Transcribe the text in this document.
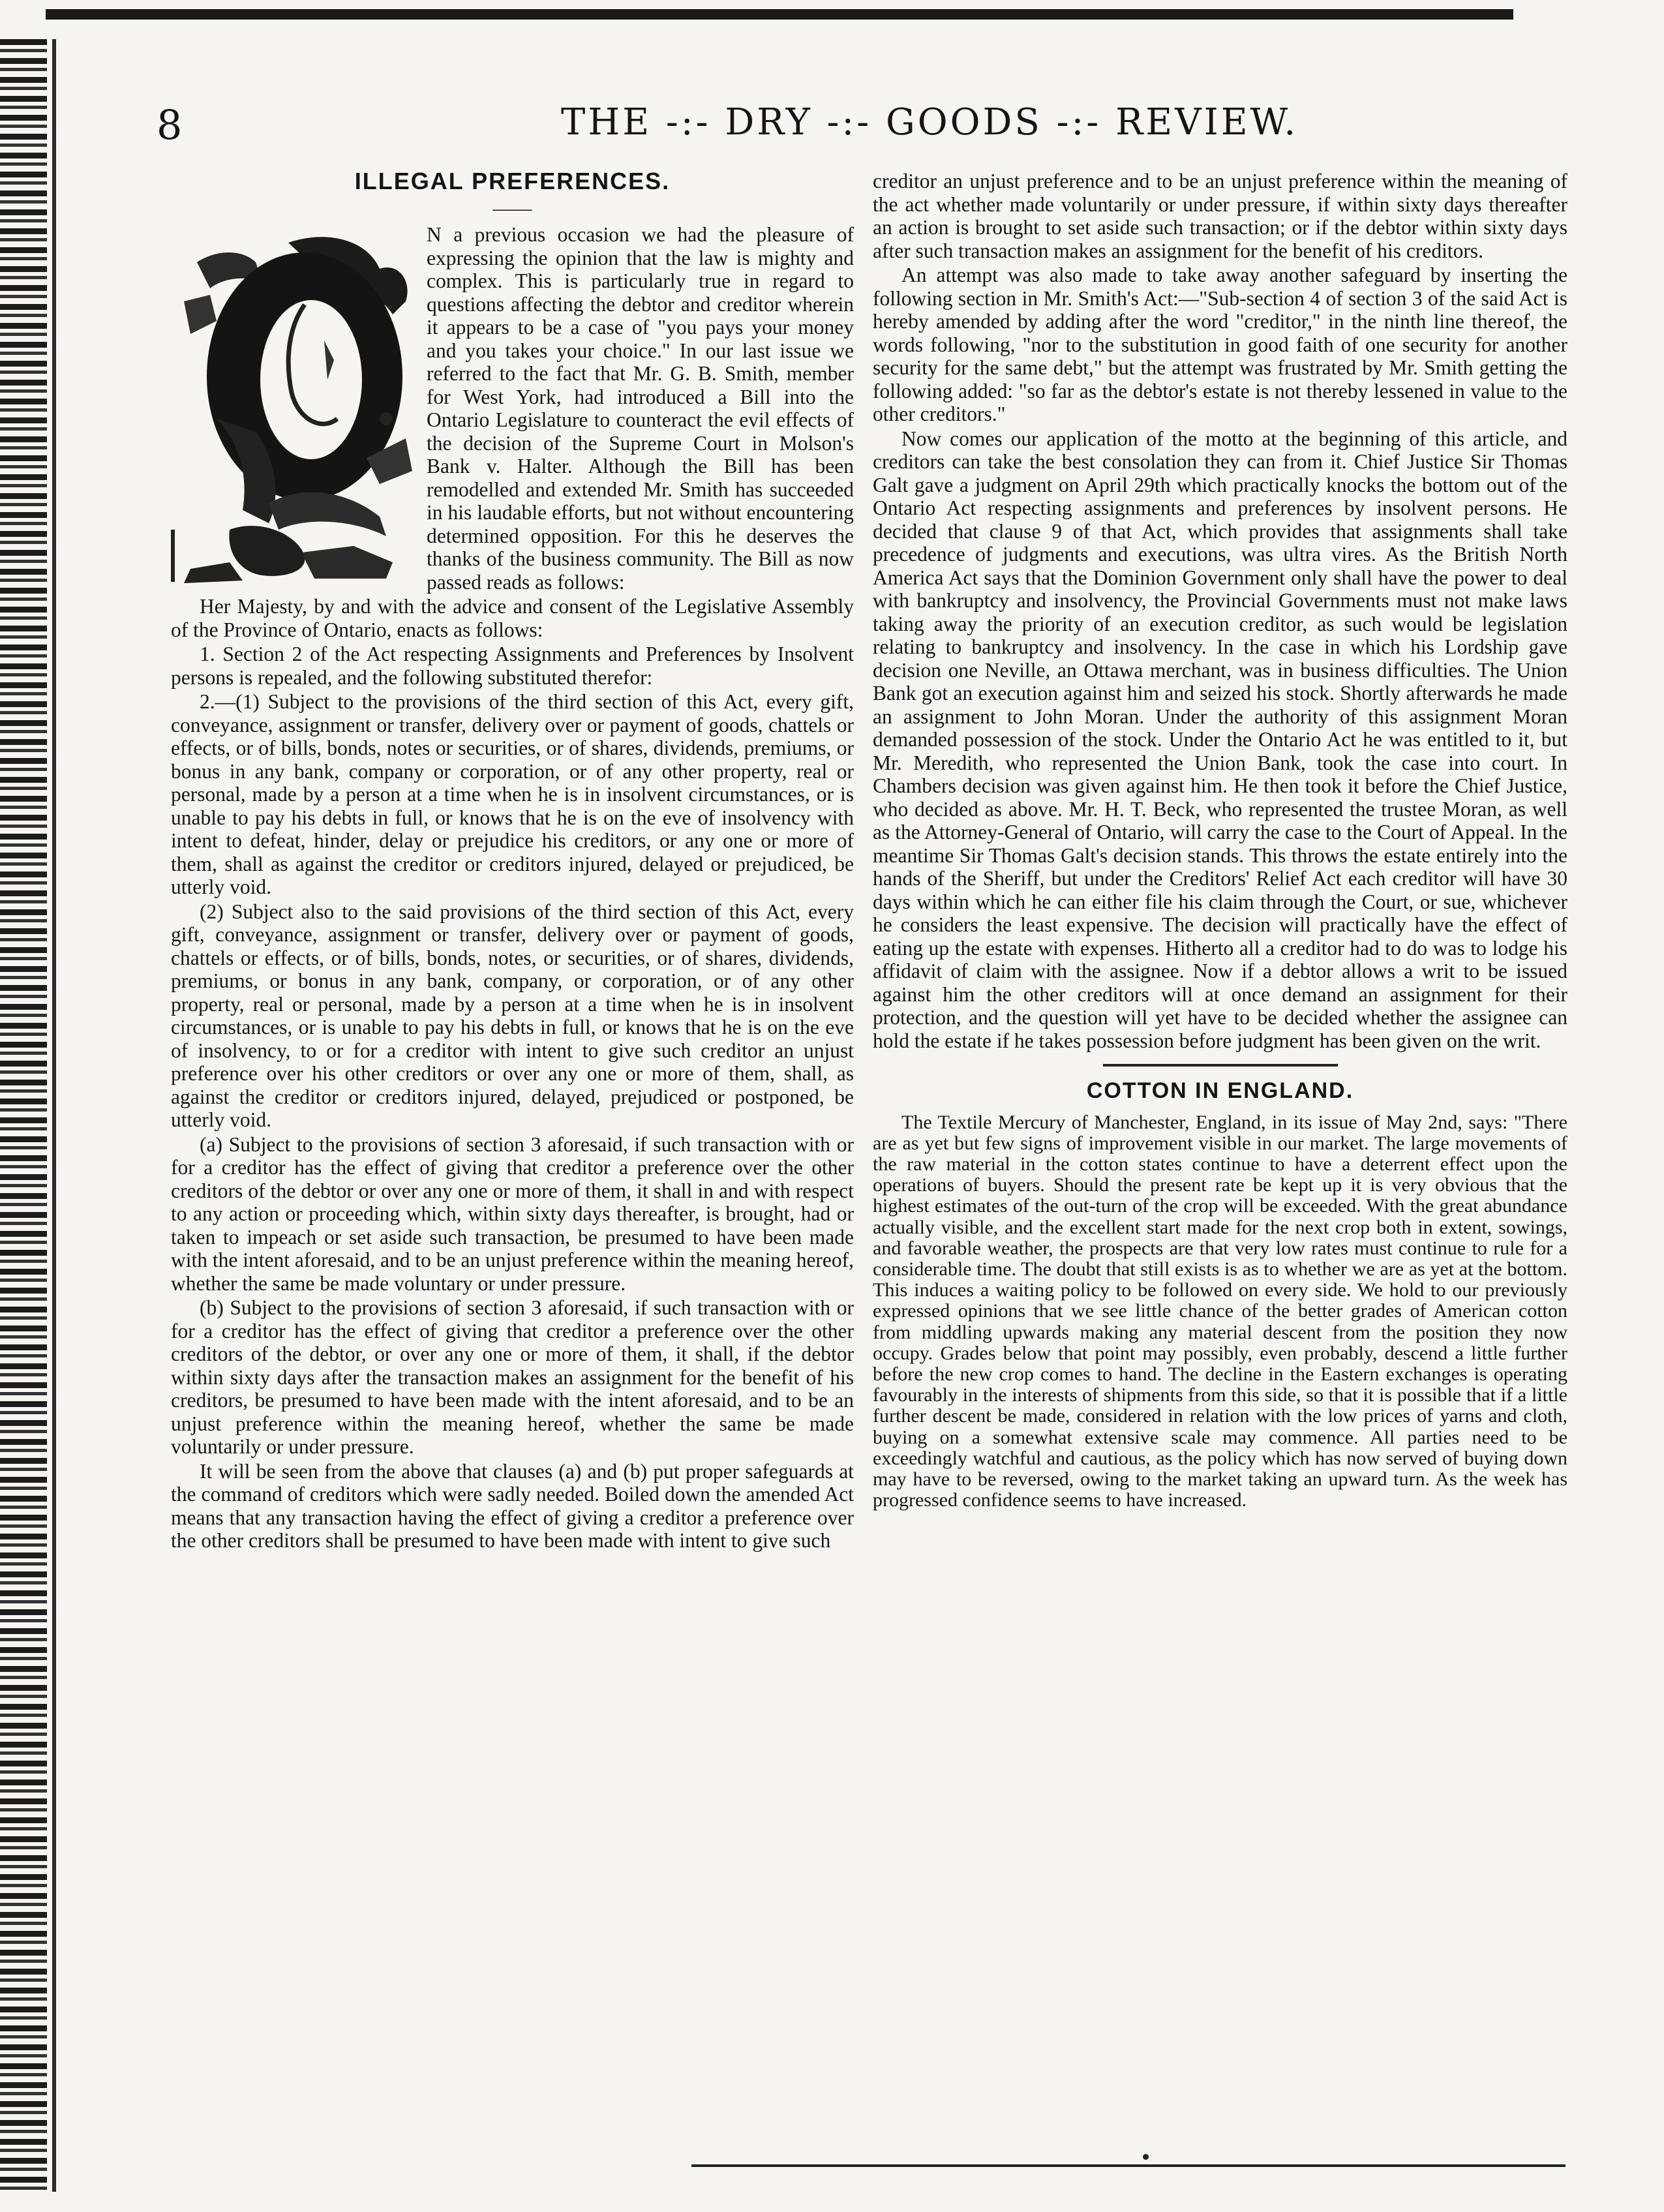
8	THE -:- DRY -:- GOODS -:- REVIEW.
ILLEGAL PREFERENCES.
——

N a previous occasion we had the pleasure of expressing the opinion that the law is mighty and complex. This is particularly true in regard to questions affecting the debtor and creditor wherein it appears to be a case of "you pays your money and you takes your choice." In our last issue we referred to the fact that Mr. G. B. Smith, member for West York, had introduced a Bill into the Ontario Legislature to counteract the evil effects of the decision of the Supreme Court in Molson's Bank v. Halter. Although the Bill has been remodelled and extended Mr. Smith has succeeded in his laudable efforts, but not without encountering determined opposition. For this he deserves the thanks of the business community. The Bill as now passed reads as follows:

Her Majesty, by and with the advice and consent of the Legislative Assembly of the Province of Ontario, enacts as follows:

1. Section 2 of the Act respecting Assignments and Preferences by Insolvent persons is repealed, and the following substituted therefor:

2.—(1) Subject to the provisions of the third section of this Act, every gift, conveyance, assignment or transfer, delivery over or payment of goods, chattels or effects, or of bills, bonds, notes or securities, or of shares, dividends, premiums, or bonus in any bank, company or corporation, or of any other property, real or personal, made by a person at a time when he is in insolvent circumstances, or is unable to pay his debts in full, or knows that he is on the eve of insolvency with intent to defeat, hinder, delay or prejudice his creditors, or any one or more of them, shall as against the creditor or creditors injured, delayed or prejudiced, be utterly void.

(2) Subject also to the said provisions of the third section of this Act, every gift, conveyance, assignment or transfer, delivery over or payment of goods, chattels or effects, or of bills, bonds, notes, or securities, or of shares, dividends, premiums, or bonus in any bank, company, or corporation, or of any other property, real or personal, made by a person at a time when he is in insolvent circumstances, or is unable to pay his debts in full, or knows that he is on the eve of insolvency, to or for a creditor with intent to give such creditor an unjust preference over his other creditors or over any one or more of them, shall, as against the creditor or creditors injured, delayed, prejudiced or postponed, be utterly void.

(a) Subject to the provisions of section 3 aforesaid, if such transaction with or for a creditor has the effect of giving that creditor a preference over the other creditors of the debtor or over any one or more of them, it shall in and with respect to any action or proceeding which, within sixty days thereafter, is brought, had or taken to impeach or set aside such transaction, be presumed to have been made with the intent aforesaid, and to be an unjust preference within the meaning hereof, whether the same be made voluntary or under pressure.

(b) Subject to the provisions of section 3 aforesaid, if such transaction with or for a creditor has the effect of giving that creditor a preference over the other creditors of the debtor, or over any one or more of them, it shall, if the debtor within sixty days after the transaction makes an assignment for the benefit of his creditors, be presumed to have been made with the intent aforesaid, and to be an unjust preference within the meaning hereof, whether the same be made voluntarily or under pressure.

It will be seen from the above that clauses (a) and (b) put proper safeguards at the command of creditors which were sadly needed. Boiled down the amended Act means that any transaction having the effect of giving a creditor a preference over the other creditors shall be presumed to have been made with intent to give such

creditor an unjust preference and to be an unjust preference within the meaning of the act whether made voluntarily or under pressure, if within sixty days thereafter an action is brought to set aside such transaction; or if the debtor within sixty days after such transaction makes an assignment for the benefit of his creditors.

An attempt was also made to take away another safeguard by inserting the following section in Mr. Smith's Act:—"Sub-section 4 of section 3 of the said Act is hereby amended by adding after the word "creditor," in the ninth line thereof, the words following, "nor to the substitution in good faith of one security for another security for the same debt," but the attempt was frustrated by Mr. Smith getting the following added: "so far as the debtor's estate is not thereby lessened in value to the other creditors."

Now comes our application of the motto at the beginning of this article, and creditors can take the best consolation they can from it. Chief Justice Sir Thomas Galt gave a judgment on April 29th which practically knocks the bottom out of the Ontario Act respecting assignments and preferences by insolvent persons. He decided that clause 9 of that Act, which provides that assignments shall take precedence of judgments and executions, was ultra vires. As the British North America Act says that the Dominion Government only shall have the power to deal with bankruptcy and insolvency, the Provincial Governments must not make laws taking away the priority of an execution creditor, as such would be legislation relating to bankruptcy and insolvency. In the case in which his Lordship gave decision one Neville, an Ottawa merchant, was in business difficulties. The Union Bank got an execution against him and seized his stock. Shortly afterwards he made an assignment to John Moran. Under the authority of this assignment Moran demanded possession of the stock. Under the Ontario Act he was entitled to it, but Mr. Meredith, who represented the Union Bank, took the case into court. In Chambers decision was given against him. He then took it before the Chief Justice, who decided as above. Mr. H. T. Beck, who represented the trustee Moran, as well as the Attorney-General of Ontario, will carry the case to the Court of Appeal. In the meantime Sir Thomas Galt's decision stands. This throws the estate entirely into the hands of the Sheriff, but under the Creditors' Relief Act each creditor will have 30 days within which he can either file his claim through the Court, or sue, whichever he considers the least expensive. The decision will practically have the effect of eating up the estate with expenses. Hitherto all a creditor had to do was to lodge his affidavit of claim with the assignee. Now if a debtor allows a writ to be issued against him the other creditors will at once demand an assignment for their protection, and the question will yet have to be decided whether the assignee can hold the estate if he takes possession before judgment has been given on the writ.

COTTON IN ENGLAND.

The Textile Mercury of Manchester, England, in its issue of May 2nd, says: "There are as yet but few signs of improvement visible in our market. The large movements of the raw material in the cotton states continue to have a deterrent effect upon the operations of buyers. Should the present rate be kept up it is very obvious that the highest estimates of the out-turn of the crop will be exceeded. With the great abundance actually visible, and the excellent start made for the next crop both in extent, sowings, and favorable weather, the prospects are that very low rates must continue to rule for a considerable time. The doubt that still exists is as to whether we are as yet at the bottom. This induces a waiting policy to be followed on every side. We hold to our previously expressed opinions that we see little chance of the better grades of American cotton from middling upwards making any material descent from the position they now occupy. Grades below that point may possibly, even probably, descend a little further before the new crop comes to hand. The decline in the Eastern exchanges is operating favourably in the interests of shipments from this side, so that it is possible that if a little further descent be made, considered in relation with the low prices of yarns and cloth, buying on a somewhat extensive scale may commence. All parties need to be exceedingly watchful and cautious, as the policy which has now served of buying down may have to be reversed, owing to the market taking an upward turn. As the week has progressed confidence seems to have increased.
